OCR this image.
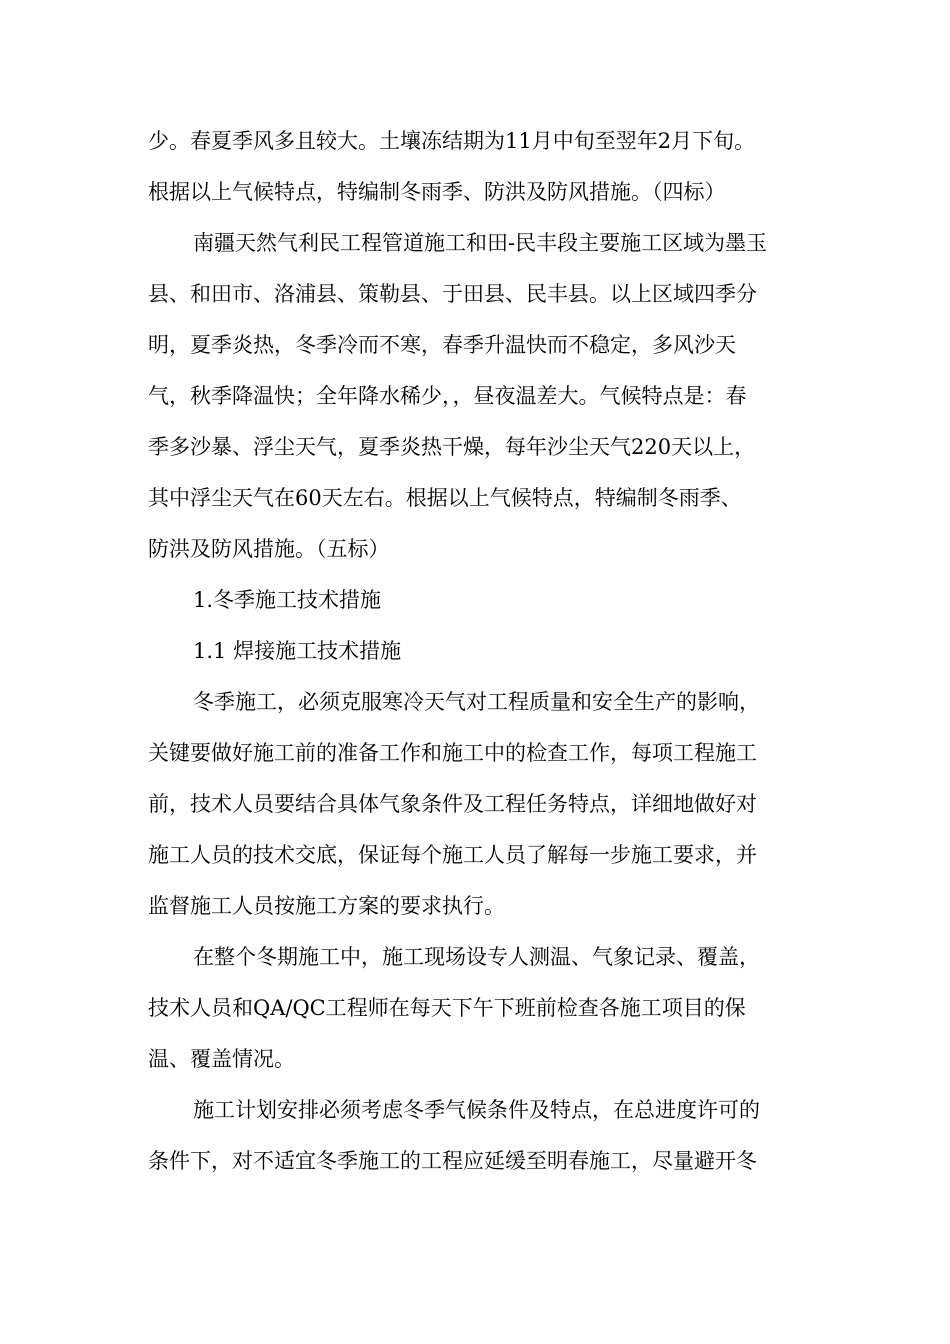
少。春夏季风多且较大。土壤冻结期为11月中旬至翌年2月下旬。
根据以上气候特点，特编制冬雨季、防洪及防风措施。（四标）
南疆天然气利民工程管道施工和田-民丰段主要施工区域为墨玉
县、和田市、洛浦县、策勒县、于田县、民丰县。以上区域四季分
明，夏季炎热，冬季冷而不寒，春季升温快而不稳定，多风沙天
气，秋季降温快；全年降水稀少，，昼夜温差大。气候特点是：春
季多沙暴、浮尘天气，夏季炎热干燥，每年沙尘天气220天以上，
其中浮尘天气在60天左右。根据以上气候特点，特编制冬雨季、
防洪及防风措施。（五标）
1.冬季施工技术措施
1.1 焊接施工技术措施
冬季施工，必须克服寒冷天气对工程质量和安全生产的影响，
关键要做好施工前的准备工作和施工中的检查工作，每项工程施工
前，技术人员要结合具体气象条件及工程任务特点，详细地做好对
施工人员的技术交底，保证每个施工人员了解每一步施工要求，并
监督施工人员按施工方案的要求执行。
在整个冬期施工中，施工现场设专人测温、气象记录、覆盖，
技术人员和QA/QC工程师在每天下午下班前检查各施工项目的保
温、覆盖情况。
施工计划安排必须考虑冬季气候条件及特点，在总进度许可的
条件下，对不适宜冬季施工的工程应延缓至明春施工，尽量避开冬
